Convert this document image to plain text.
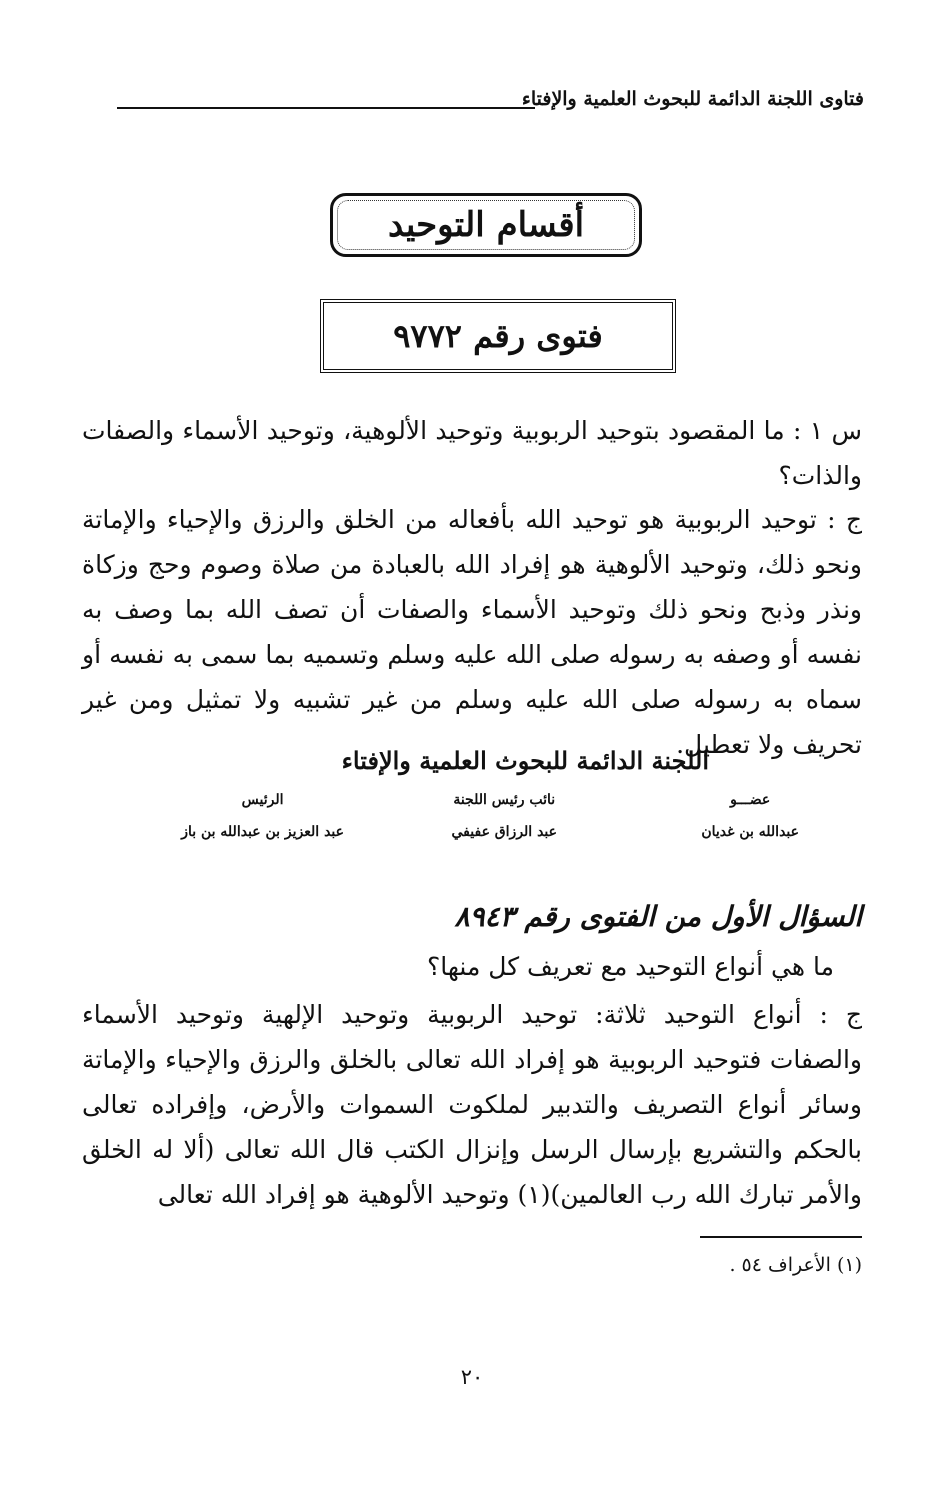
فتاوى اللجنة الدائمة للبحوث العلمية والإفتاء
أقسام التوحيد
فتوى رقم ٩٧٧٢
س ١ : ما المقصود بتوحيد الربوبية وتوحيد الألوهية، وتوحيد الأسماء والصفات والذات؟
ج : توحيد الربوبية هو توحيد الله بأفعاله من الخلق والرزق والإحياء والإماتة ونحو ذلك، وتوحيد الألوهية هو إفراد الله بالعبادة من صلاة وصوم وحج وزكاة ونذر وذبح ونحو ذلك وتوحيد الأسماء والصفات أن تصف الله بما وصف به نفسه أو وصفه به رسوله صلى الله عليه وسلم وتسميه بما سمى به نفسه أو سماه به رسوله صلى الله عليه وسلم من غير تشبيه ولا تمثيل ومن غير تحريف ولا تعطيل.
اللجنة الدائمة للبحوث العلمية والإفتاء
عضـــو
عبدالله بن غديان
نائب رئيس اللجنة
عبد الرزاق عفيفي
الرئيس
عبد العزيز بن عبدالله بن باز
السؤال الأول من الفتوى رقم ٨٩٤٣
ما هي أنواع التوحيد مع تعريف كل منها؟
ج : أنواع التوحيد ثلاثة: توحيد الربوبية وتوحيد الإلهية وتوحيد الأسماء والصفات فتوحيد الربوبية هو إفراد الله تعالى بالخلق والرزق والإحياء والإماتة وسائر أنواع التصريف والتدبير لملكوت السموات والأرض، وإفراده تعالى بالحكم والتشريع بإرسال الرسل وإنزال الكتب قال الله تعالى (ألا له الخلق والأمر تبارك الله رب العالمين)(١) وتوحيد الألوهية هو إفراد الله تعالى
(١) الأعراف ٥٤ .
٢٠
